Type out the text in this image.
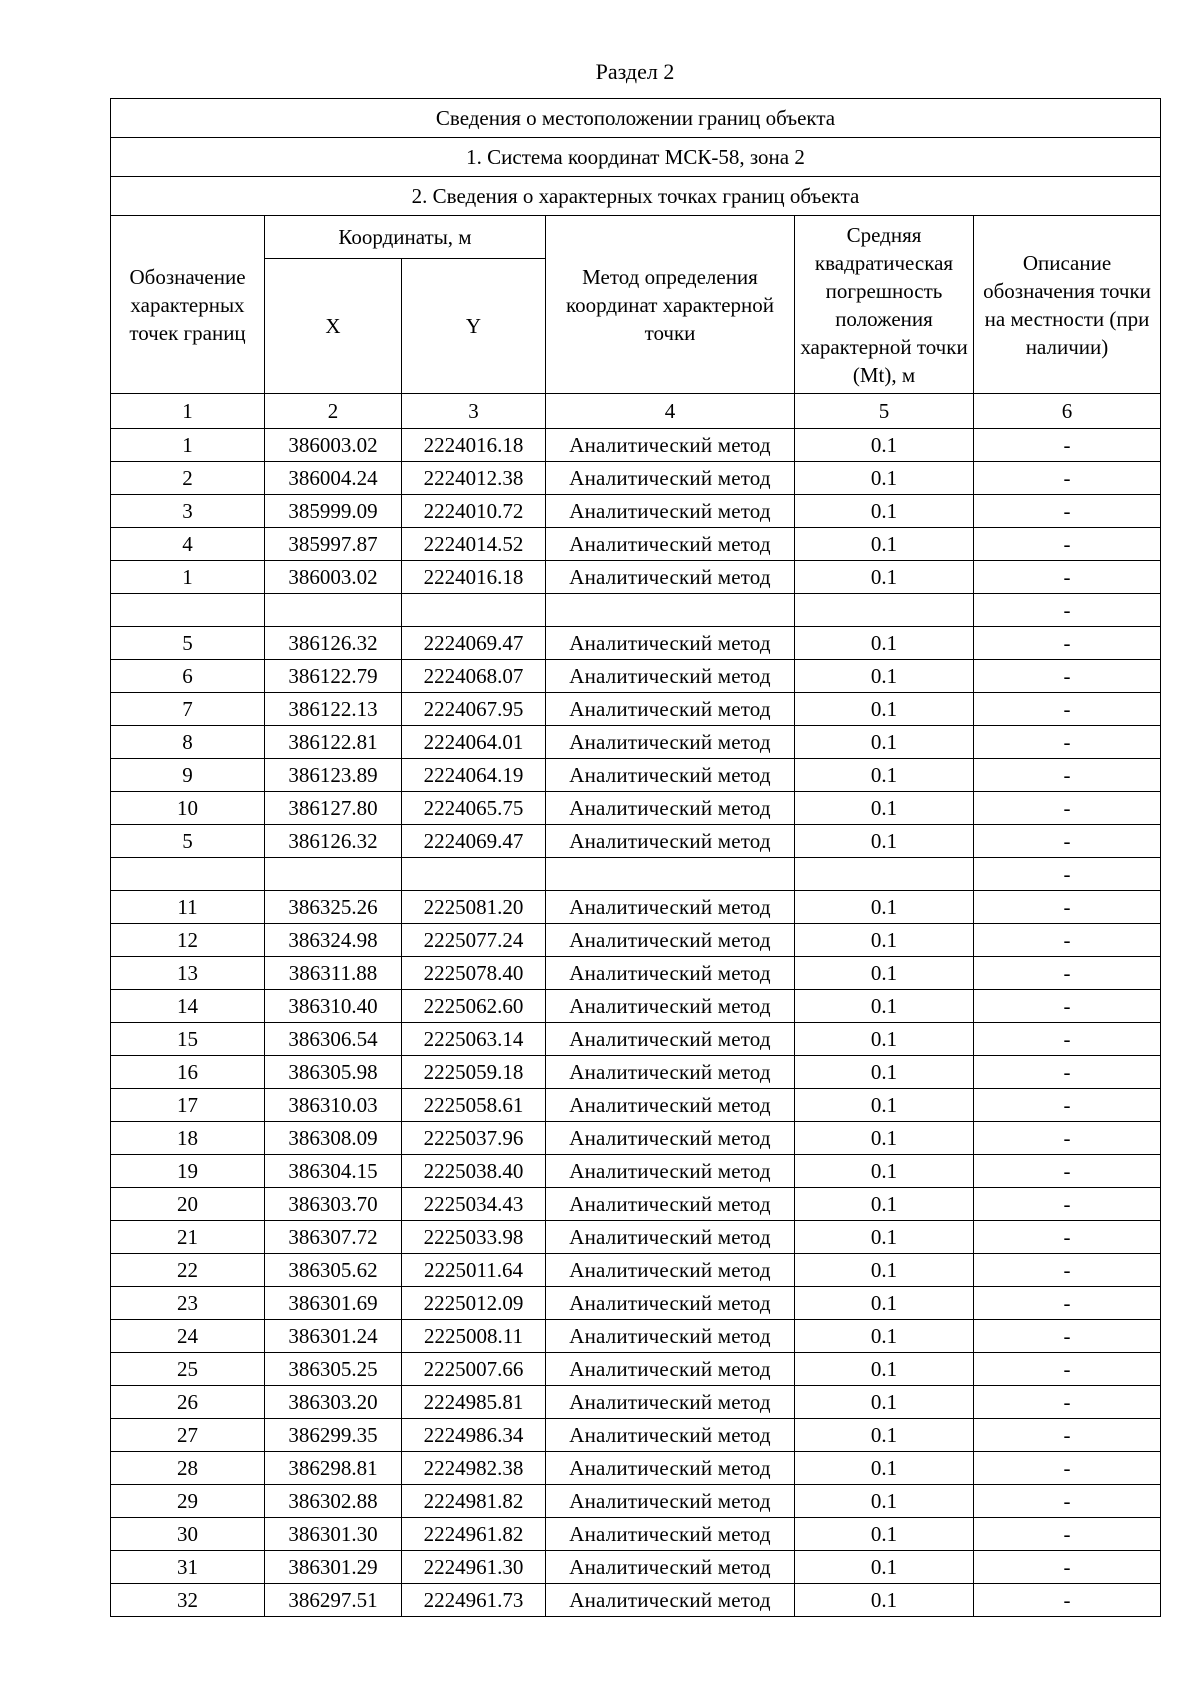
Раздел 2
Сведения о местоположении границ объекта					
1. Система координат МСК-58, зона 2					
2. Сведения о характерных точках границ объекта					
Обозначение характерных точек границ	Координаты, м		Метод определения координат характерной точки	Средняя квадратическая погрешность положения характерной точки (Mt), м	Описание обозначения точки на местности (при наличии)
	X	Y			
1	2	3	4	5	6
1	386003.02	2224016.18	Аналитический метод	0.1	-
2	386004.24	2224012.38	Аналитический метод	0.1	-
3	385999.09	2224010.72	Аналитический метод	0.1	-
4	385997.87	2224014.52	Аналитический метод	0.1	-
1	386003.02	2224016.18	Аналитический метод	0.1	-
					-
5	386126.32	2224069.47	Аналитический метод	0.1	-
6	386122.79	2224068.07	Аналитический метод	0.1	-
7	386122.13	2224067.95	Аналитический метод	0.1	-
8	386122.81	2224064.01	Аналитический метод	0.1	-
9	386123.89	2224064.19	Аналитический метод	0.1	-
10	386127.80	2224065.75	Аналитический метод	0.1	-
5	386126.32	2224069.47	Аналитический метод	0.1	-
					-
11	386325.26	2225081.20	Аналитический метод	0.1	-
12	386324.98	2225077.24	Аналитический метод	0.1	-
13	386311.88	2225078.40	Аналитический метод	0.1	-
14	386310.40	2225062.60	Аналитический метод	0.1	-
15	386306.54	2225063.14	Аналитический метод	0.1	-
16	386305.98	2225059.18	Аналитический метод	0.1	-
17	386310.03	2225058.61	Аналитический метод	0.1	-
18	386308.09	2225037.96	Аналитический метод	0.1	-
19	386304.15	2225038.40	Аналитический метод	0.1	-
20	386303.70	2225034.43	Аналитический метод	0.1	-
21	386307.72	2225033.98	Аналитический метод	0.1	-
22	386305.62	2225011.64	Аналитический метод	0.1	-
23	386301.69	2225012.09	Аналитический метод	0.1	-
24	386301.24	2225008.11	Аналитический метод	0.1	-
25	386305.25	2225007.66	Аналитический метод	0.1	-
26	386303.20	2224985.81	Аналитический метод	0.1	-
27	386299.35	2224986.34	Аналитический метод	0.1	-
28	386298.81	2224982.38	Аналитический метод	0.1	-
29	386302.88	2224981.82	Аналитический метод	0.1	-
30	386301.30	2224961.82	Аналитический метод	0.1	-
31	386301.29	2224961.30	Аналитический метод	0.1	-
32	386297.51	2224961.73	Аналитический метод	0.1	-
